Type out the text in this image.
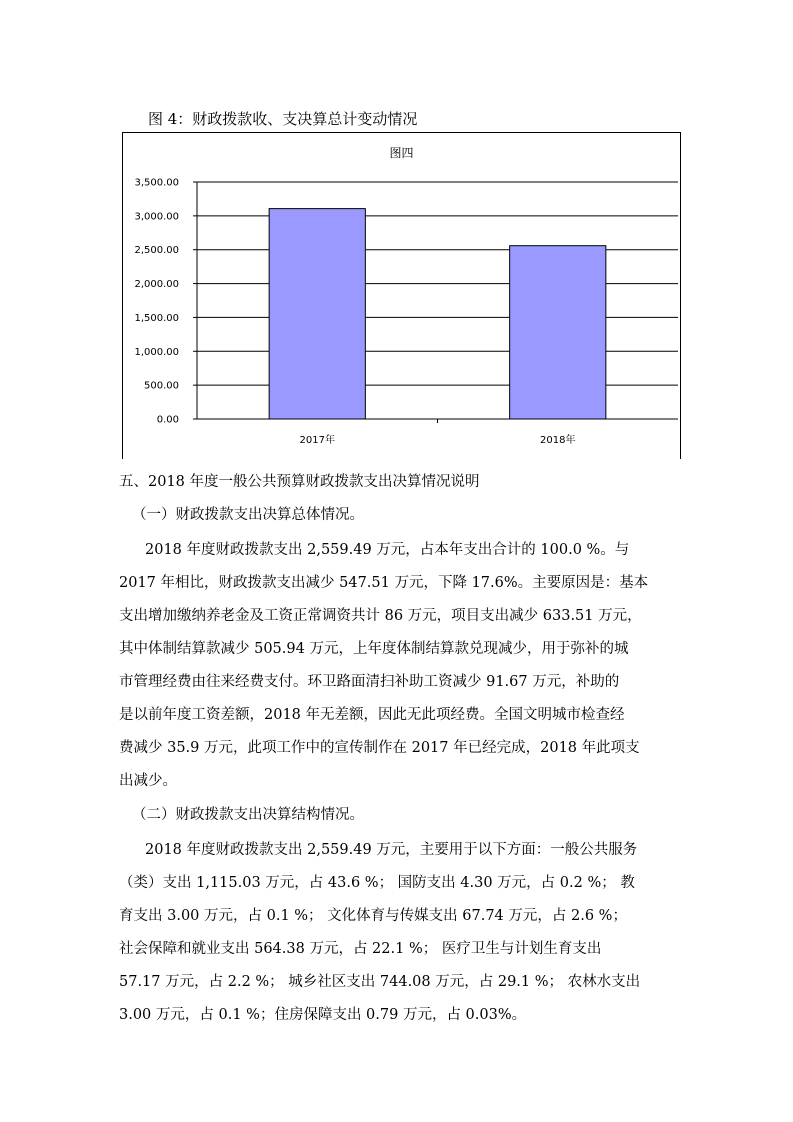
图 4：财政拨款收、支决算总计变动情况
图四
0.00
500.00
1,000.00
1,500.00
2,000.00
2,500.00
3,000.00
3,500.00
2017年	2018年
五、2018 年度一般公共预算财政拨款支出决算情况说明
（一）财政拨款支出决算总体情况。
2018 年度财政拨款支出 2,559.49 万元，占本年支出合计的 100.0 %。与
2017 年相比，财政拨款支出减少 547.51 万元，下降 17.6%。主要原因是：基本
支出增加缴纳养老金及工资正常调资共计 86 万元，项目支出减少 633.51 万元，
其中体制结算款减少 505.94 万元，上年度体制结算款兑现减少，用于弥补的城
市管理经费由往来经费支付。环卫路面清扫补助工资减少 91.67 万元，补助的
是以前年度工资差额，2018 年无差额，因此无此项经费。全国文明城市检查经
费减少 35.9 万元，此项工作中的宣传制作在 2017 年已经完成，2018 年此项支
出减少。
（二）财政拨款支出决算结构情况。
2018 年度财政拨款支出 2,559.49 万元，主要用于以下方面：一般公共服务
（类）支出 1,115.03 万元，占 43.6 %； 国防支出 4.30 万元，占 0.2 %； 教
育支出 3.00 万元，占 0.1 %； 文化体育与传媒支出 67.74 万元，占 2.6 %；
社会保障和就业支出 564.38 万元，占 22.1 %； 医疗卫生与计划生育支出
57.17 万元，占 2.2 %； 城乡社区支出 744.08 万元，占 29.1 %； 农林水支出
3.00 万元，占 0.1 %；住房保障支出 0.79 万元，占 0.03%。
